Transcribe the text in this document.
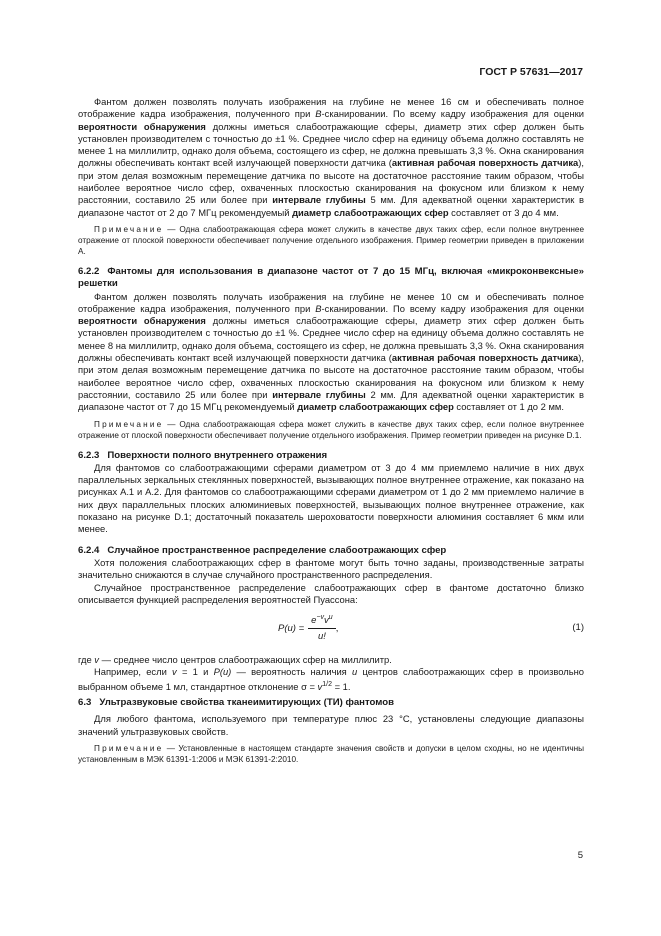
ГОСТ Р 57631—2017

Фантом должен позволять получать изображения на глубине не менее 16 см и обеспечивать полное отображение кадра изображения, полученного при В-сканировании. По всему кадру изображения для оценки вероятности обнаружения должны иметься слабоотражающие сферы, диаметр этих сфер должен быть установлен производителем с точностью до ±1 %. Среднее число сфер на единицу объема должно составлять не менее 1 на миллилитр, однако доля объема, состоящего из сфер, не должна превышать 3,3 %. Окна сканирования должны обеспечивать контакт всей излучающей поверхности датчика (активная рабочая поверхность датчика), при этом делая возможным перемещение датчика по высоте на достаточное расстояние таким образом, чтобы наиболее вероятное число сфер, охваченных плоскостью сканирования на фокусном или близком к нему расстоянии, составило 25 или более при интервале глубины 5 мм. Для адекватной оценки характеристик в диапазоне частот от 2 до 7 МГц рекомендуемый диаметр слабоотражающих сфер составляет от 3 до 4 мм.

Примечание — Одна слабоотражающая сфера может служить в качестве двух таких сфер, если полное внутреннее отражение от плоской поверхности обеспечивает получение отдельного изображения. Пример геометрии приведен в приложении А.

6.2.2 Фантомы для использования в диапазоне частот от 7 до 15 МГц, включая «микроконвексные» решетки

Фантом должен позволять получать изображения на глубине не менее 10 см и обеспечивать полное отображение кадра изображения, полученного при В-сканировании. По всему кадру изображения для оценки вероятности обнаружения должны иметься слабоотражающие сферы, диаметр этих сфер должен быть установлен производителем с точностью до ±1 %. Среднее число сфер на единицу объема должно составлять не менее 8 на миллилитр, однако доля объема, состоящего из сфер, не должна превышать 3,3 %. Окна сканирования должны обеспечивать контакт всей излучающей поверхности датчика (активная рабочая поверхность датчика), при этом делая возможным перемещение датчика по высоте на достаточное расстояние таким образом, чтобы наиболее вероятное число сфер, охваченных плоскостью сканирования на фокусном или близком к нему расстоянии, составило 25 или более при интервале глубины 2 мм. Для адекватной оценки характеристик в диапазоне частот от 7 до 15 МГц рекомендуемый диаметр слабоотражающих сфер составляет от 1 до 2 мм.

Примечание — Одна слабоотражающая сфера может служить в качестве двух таких сфер, если полное внутреннее отражение от плоской поверхности обеспечивает получение отдельного изображения. Пример геометрии приведен на рисунке D.1.

6.2.3 Поверхности полного внутреннего отражения

Для фантомов со слабоотражающими сферами диаметром от 3 до 4 мм приемлемо наличие в них двух параллельных зеркальных стеклянных поверхностей, вызывающих полное внутреннее отражение, как показано на рисунках А.1 и А.2. Для фантомов со слабоотражающими сферами диаметром от 1 до 2 мм приемлемо наличие в них двух параллельных плоских алюминиевых поверхностей, вызывающих полное внутреннее отражение, как показано на рисунке D.1; достаточный показатель шероховатости поверхности алюминия составляет 6 мкм или менее.

6.2.4 Случайное пространственное распределение слабоотражающих сфер

Хотя положения слабоотражающих сфер в фантоме могут быть точно заданы, производственные затраты значительно снижаются в случае случайного пространственного распределения.

Случайное пространственное распределение слабоотражающих сфер в фантоме достаточно близко описывается функцией распределения вероятностей Пуассона:

$P(u) = \frac{e^{-v}v^u}{u!}$ ,	(1)

где v — среднее число центров слабоотражающих сфер на миллилитр.

Например, если v = 1 и P(u) — вероятность наличия u центров слабоотражающих сфер в произвольно выбранном объеме 1 мл, стандартное отклонение $\sigma = v^{1/2} = 1$.

6.3 Ультразвуковые свойства тканеимитирующих (ТИ) фантомов

Для любого фантома, используемого при температуре плюс 23 °С, установлены следующие диапазоны значений ультразвуковых свойств.

Примечание — Установленные в настоящем стандарте значения свойств и допуски в целом сходны, но не идентичны установленным в МЭК 61391-1:2006 и МЭК 61391-2:2010.

5
